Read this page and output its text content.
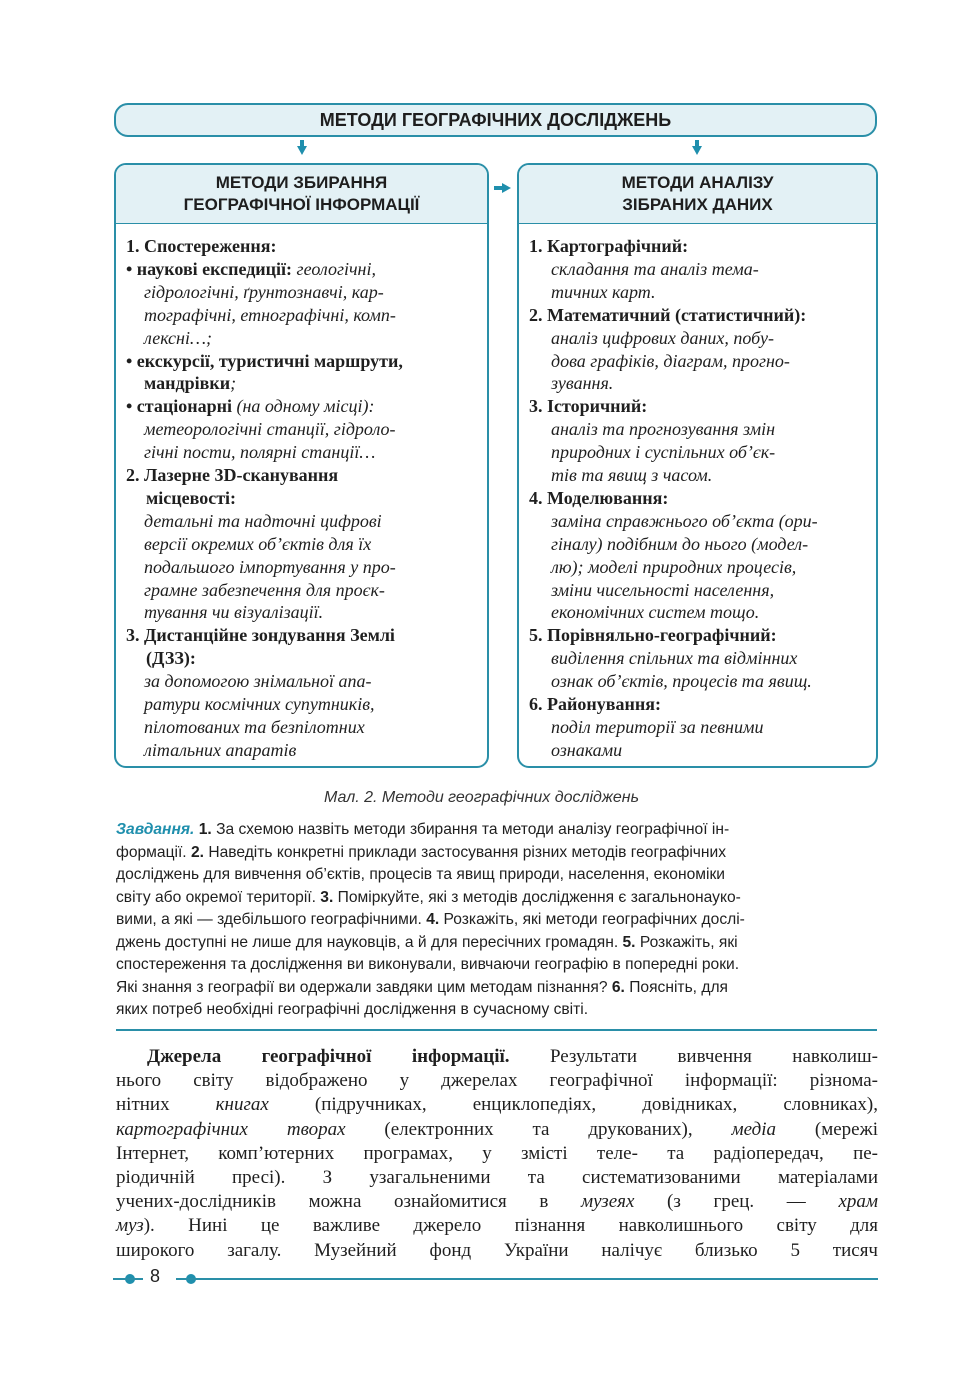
МЕТОДИ ГЕОГРАФІЧНИХ ДОСЛІДЖЕНЬ
МЕТОДИ ЗБИРАННЯ
ГЕОГРАФІЧНОЇ ІНФОРМАЦІЇ
1. Спостереження:
• наукові експедиції: геологічні,
гідрологічні, ґрунтознавчі, кар-
тографічні, етнографічні, комп-
лексні…;
• екскурсії, туристичні маршрути,
мандрівки;
• стаціонарні (на одному місці):
метеорологічні станції, гідроло-
гічні пости, полярні станції…
2. Лазерне 3D-сканування
місцевості:
детальні та надточні цифрові
версії окремих об’єктів для їх
подальшого імпортування у про-
грамне забезпечення для проєк-
тування чи візуалізації.
3. Дистанційне зондування Землі
(ДЗЗ):
за допомогою знімальної апа-
ратури космічних супутників,
пілотованих та безпілотних
літальних апаратів
МЕТОДИ АНАЛІЗУ
ЗІБРАНИХ ДАНИХ
1. Картографічний:
складання та аналіз тема-
тичних карт.
2. Математичний (статистичний):
аналіз цифрових даних, побу-
дова графіків, діаграм, прогно-
зування.
3. Історичний:
аналіз та прогнозування змін
природних і суспільних об’єк-
тів та явищ з часом.
4. Моделювання:
заміна справжнього об’єкта (ори-
гіналу) подібним до нього (модел-
лю); моделі природних процесів,
зміни чисельності населення,
економічних систем тощо.
5. Порівняльно-географічний:
виділення спільних та відмінних
ознак об’єктів, процесів та явищ.
6. Районування:
поділ території за певними
ознаками
Мал. 2. Методи географічних досліджень
Завдання. 1. За схемою назвіть методи збирання та методи аналізу географічної ін-
формації. 2. Наведіть конкретні приклади застосування різних методів географічних
досліджень для вивчення об’єктів, процесів та явищ природи, населення, економіки
світу або окремої території. 3. Поміркуйте, які з методів дослідження є загальнонауко-
вими, а які — здебільшого географічними. 4. Розкажіть, які методи географічних дослі-
джень доступні не лише для науковців, а й для пересічних громадян. 5. Розкажіть, які
спостереження та дослідження ви виконували, вивчаючи географію в попередні роки.
Які знання з географії ви одержали завдяки цим методам пізнання? 6. Поясніть, для
яких потреб необхідні географічні дослідження в сучасному світі.
Джерела географічної інформації. Результати вивчення навколиш-
нього світу відображено у джерелах географічної інформації: різнома-
нітних книгах (підручниках, енциклопедіях, довідниках, словниках),
картографічних творах (електронних та друкованих), медіа (мережі
Інтернет, комп’ютерних програмах, у змісті теле- та радіопередач, пе-
ріодичній пресі). З узагальненими та систематизованими матеріалами
учених-дослідників можна ознайомитися в музеях (з грец. — храм
муз). Нині це важливе джерело пізнання навколишнього світу для
широкого загалу. Музейний фонд України налічує близько 5 тисяч
8
